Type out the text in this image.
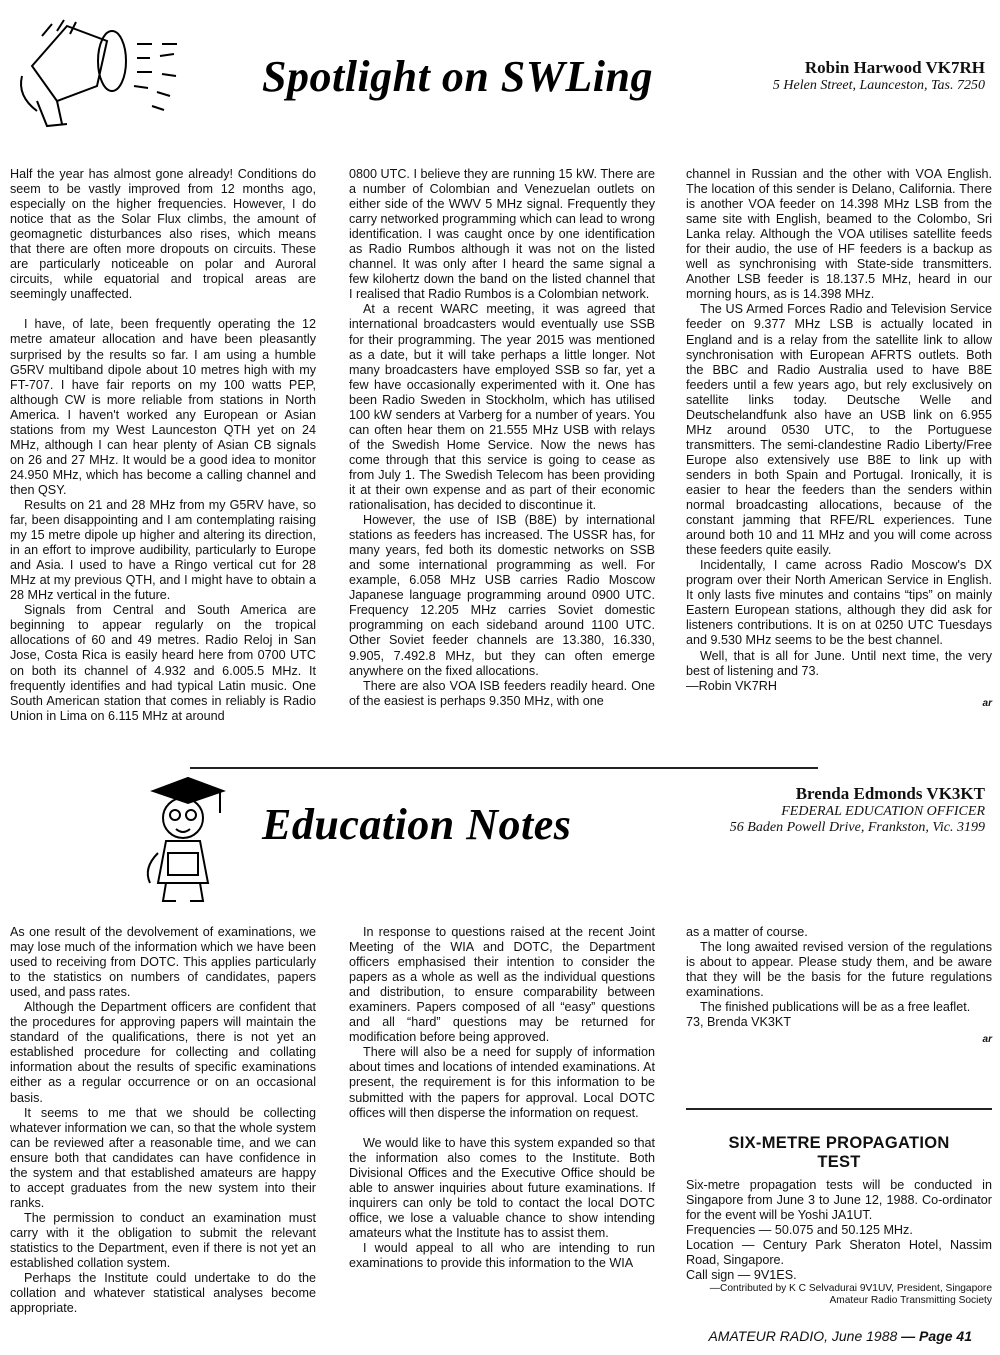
Spotlight on SWLing	Robin Harwood VK7RH
5 Helen Street, Launceston, Tas. 7250

Half the year has almost gone already! Conditions do seem to be vastly improved from 12 months ago, especially on the higher frequencies. However, I do notice that as the Solar Flux climbs, the amount of geomagnetic disturbances also rises, which means that there are often more dropouts on circuits. These are particularly noticeable on polar and Auroral circuits, while equatorial and tropical areas are seemingly unaffected.

I have, of late, been frequently operating the 12 metre amateur allocation and have been pleasantly surprised by the results so far. I am using a humble G5RV multiband dipole about 10 metres high with my FT-707. I have fair reports on my 100 watts PEP, although CW is more reliable from stations in North America. I haven't worked any European or Asian stations from my West Launceston QTH yet on 24 MHz, although I can hear plenty of Asian CB signals on 26 and 27 MHz. It would be a good idea to monitor 24.950 MHz, which has become a calling channel and then QSY.

Results on 21 and 28 MHz from my G5RV have, so far, been disappointing and I am contemplating raising my 15 metre dipole up higher and altering its direction, in an effort to improve audibility, particularly to Europe and Asia. I used to have a Ringo vertical cut for 28 MHz at my previous QTH, and I might have to obtain a 28 MHz vertical in the future.

Signals from Central and South America are beginning to appear regularly on the tropical allocations of 60 and 49 metres. Radio Reloj in San Jose, Costa Rica is easily heard here from 0700 UTC on both its channel of 4.932 and 6.005.5 MHz. It frequently identifies and had typical Latin music. One South American station that comes in reliably is Radio Union in Lima on 6.115 MHz at around

0800 UTC. I believe they are running 15 kW. There are a number of Colombian and Venezuelan outlets on either side of the WWV 5 MHz signal. Frequently they carry networked programming which can lead to wrong identification. I was caught once by one identification as Radio Rumbos although it was not on the listed channel. It was only after I heard the same signal a few kilohertz down the band on the listed channel that I realised that Radio Rumbos is a Colombian network.

At a recent WARC meeting, it was agreed that international broadcasters would eventually use SSB for their programming. The year 2015 was mentioned as a date, but it will take perhaps a little longer. Not many broadcasters have employed SSB so far, yet a few have occasionally experimented with it. One has been Radio Sweden in Stockholm, which has utilised 100 kW senders at Varberg for a number of years. You can often hear them on 21.555 MHz USB with relays of the Swedish Home Service. Now the news has come through that this service is going to cease as from July 1. The Swedish Telecom has been providing it at their own expense and as part of their economic rationalisation, has decided to discontinue it.

However, the use of ISB (B8E) by international stations as feeders has increased. The USSR has, for many years, fed both its domestic networks on SSB and some international programming as well. For example, 6.058 MHz USB carries Radio Moscow Japanese language programming around 0900 UTC. Frequency 12.205 MHz carries Soviet domestic programming on each sideband around 1100 UTC. Other Soviet feeder channels are 13.380, 16.330, 9.905, 7.492.8 MHz, but they can often emerge anywhere on the fixed allocations.

There are also VOA ISB feeders readily heard. One of the easiest is perhaps 9.350 MHz, with one

channel in Russian and the other with VOA English. The location of this sender is Delano, California. There is another VOA feeder on 14.398 MHz LSB from the same site with English, beamed to the Colombo, Sri Lanka relay. Although the VOA utilises satellite feeds for their audio, the use of HF feeders is a backup as well as synchronising with State-side transmitters. Another LSB feeder is 18.137.5 MHz, heard in our morning hours, as is 14.398 MHz.

The US Armed Forces Radio and Television Service feeder on 9.377 MHz LSB is actually located in England and is a relay from the satellite link to allow synchronisation with European AFRTS outlets. Both the BBC and Radio Australia used to have B8E feeders until a few years ago, but rely exclusively on satellite links today. Deutsche Welle and Deutschelandfunk also have an USB link on 6.955 MHz around 0530 UTC, to the Portuguese transmitters. The semi-clandestine Radio Liberty/Free Europe also extensively use B8E to link up with senders in both Spain and Portugal. Ironically, it is easier to hear the feeders than the senders within normal broadcasting allocations, because of the constant jamming that RFE/RL experiences. Tune around both 10 and 11 MHz and you will come across these feeders quite easily.

Incidentally, I came across Radio Moscow's DX program over their North American Service in English. It only lasts five minutes and contains “tips” on mainly Eastern European stations, although they did ask for listeners contributions. It is on at 0250 UTC Tuesdays and 9.530 MHz seems to be the best channel.

Well, that is all for June. Until next time, the very best of listening and 73.

—Robin VK7RH

ar
Education Notes
Brenda Edmonds VK3KT
FEDERAL EDUCATION OFFICER
56 Baden Powell Drive, Frankston, Vic. 3199

As one result of the devolvement of examinations, we may lose much of the information which we have been used to receiving from DOTC. This applies particularly to the statistics on numbers of candidates, papers used, and pass rates.

Although the Department officers are confident that the procedures for approving papers will maintain the standard of the qualifications, there is not yet an established procedure for collecting and collating information about the results of specific examinations either as a regular occurrence or on an occasional basis.

It seems to me that we should be collecting whatever information we can, so that the whole system can be reviewed after a reasonable time, and we can ensure both that candidates can have confidence in the system and that established amateurs are happy to accept graduates from the new system into their ranks.

The permission to conduct an examination must carry with it the obligation to submit the relevant statistics to the Department, even if there is not yet an established collation system.

Perhaps the Institute could undertake to do the collation and whatever statistical analyses become appropriate.

In response to questions raised at the recent Joint Meeting of the WIA and DOTC, the Department officers emphasised their intention to consider the papers as a whole as well as the individual questions and distribution, to ensure comparability between examiners. Papers composed of all “easy” questions and all “hard” questions may be returned for modification before being approved.

There will also be a need for supply of information about times and locations of intended examinations. At present, the requirement is for this information to be submitted with the papers for approval. Local DOTC offices will then disperse the information on request.

We would like to have this system expanded so that the information also comes to the Institute. Both Divisional Offices and the Executive Office should be able to answer inquiries about future examinations. If inquirers can only be told to contact the local DOTC office, we lose a valuable chance to show intending amateurs what the Institute has to assist them.

I would appeal to all who are intending to run examinations to provide this information to the WIA

as a matter of course.

The long awaited revised version of the regulations is about to appear. Please study them, and be aware that they will be the basis for the future regulations examinations.

The finished publications will be as a free leaflet.

73, Brenda VK3KT

ar
SIX-METRE PROPAGATION TEST

Six-metre propagation tests will be conducted in Singapore from June 3 to June 12, 1988. Co-ordinator for the event will be Yoshi JA1UT.

Frequencies — 50.075 and 50.125 MHz.

Location — Century Park Sheraton Hotel, Nassim Road, Singapore.

Call sign — 9V1ES.

—Contributed by K C Selvadurai 9V1UV, President, Singapore Amateur Radio Transmitting Society
AMATEUR RADIO, June 1988 — Page 41
